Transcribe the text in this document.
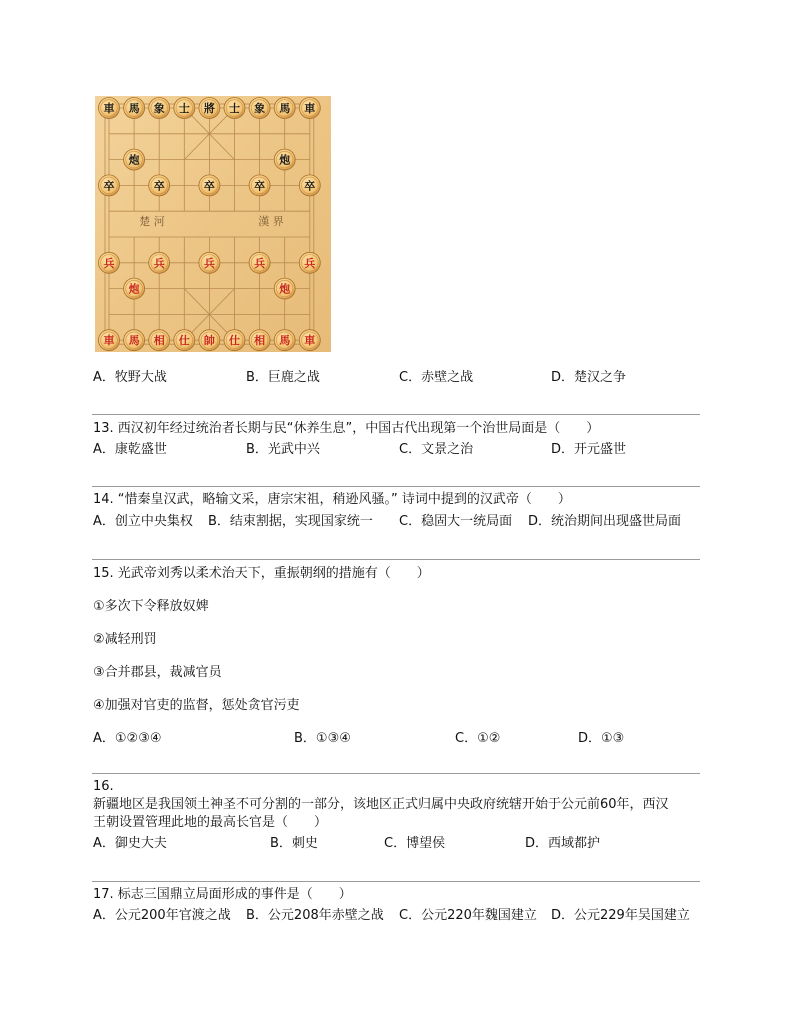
楚 河	漢 界
車 馬 象 士 將 士 象 馬 車
炮	炮
卒	卒	卒	卒	卒
兵	兵	兵	兵	兵
炮	炮
車 馬 相 仕 帥 仕 相 馬 車
A．牧野大战	B．巨鹿之战	C．赤壁之战	D．楚汉之争
13. 西汉初年经过统治者长期与民“休养生息”，中国古代出现第一个治世局面是（　　）
A．康乾盛世	B．光武中兴	C．文景之治	D．开元盛世
14. “惜秦皇汉武，略输文采，唐宗宋祖，稍逊风骚。” 诗词中提到的汉武帝（　　）
A．创立中央集权 B．结束割据，实现国家统一 C．稳固大一统局面 D．统治期间出现盛世局面
15. 光武帝刘秀以柔术治天下，重振朝纲的措施有（　　）
①多次下令释放奴婢
②减轻刑罚
③合并郡县，裁减官员
④加强对官吏的监督，惩处贪官污吏
A．①②③④	B．①③④	C．①②	D．①③
16.
新疆地区是我国领土神圣不可分割的一部分，该地区正式归属中央政府统辖开始于公元前60年，西汉
王朝设置管理此地的最高长官是（　　）
A．御史大夫	B．刺史	C．博望侯	D．西域都护
17. 标志三国鼎立局面形成的事件是（　　）
A．公元200年官渡之战 B．公元208年赤壁之战 C．公元220年魏国建立 D．公元229年吴国建立
